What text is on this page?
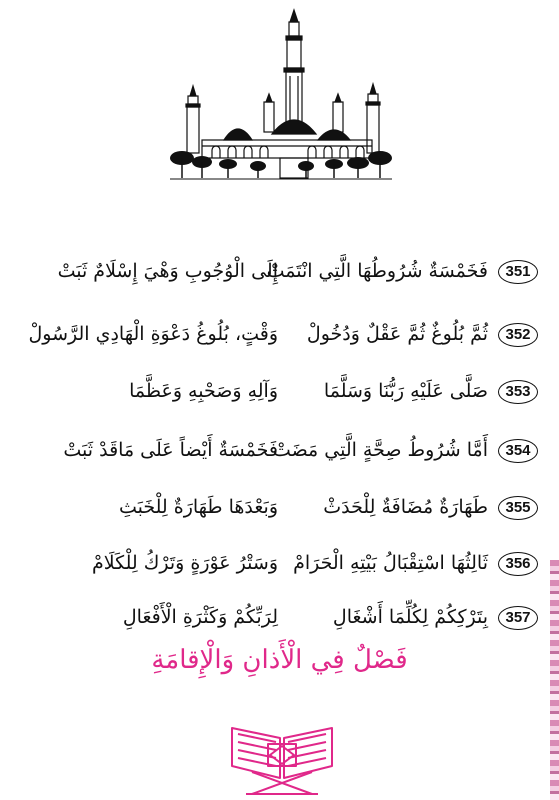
351
فَخَمْسَةٌ شُرُوطُهَا الَّتِي انْتَمَتْ
إِلَى الْوُجُوبِ وَهْيَ إِسْلَامٌ ثَبَتْ
352
ثُمَّ بُلُوغٌ ثُمَّ عَقْلٌ وَدُخُولْ
وَقْتٍ، بُلُوغُ دَعْوَةِ الْهَادِي الرَّسُولْ
353
صَلَّى عَلَيْهِ رَبُّنَا وَسَلَّمَا
وَآلِهِ وَصَحْبِهِ وَعَظَّمَا
354
أَمَّا شُرُوطُ صِحَّةٍ الَّتِي مَضَتْ
فَخَمْسَةٌ أَيْضاً عَلَى مَاقَدْ ثَبَتْ
355
طَهَارَةٌ مُضَافَةٌ لِلْحَدَثْ
وَبَعْدَهَا طَهَارَةٌ لِلْخَبَثِ
356
ثَالِثُهَا اسْتِقْبَالُ بَيْتِهِ الْحَرَامْ
وَسَتْرُ عَوْرَةٍ وَتَرْكُ لِلْكَلَامْ
357
بِتَرْكِكُمْ لِكُلِّمَا أَشْغَالِ
لِرَبِّكُمْ وَكَثْرَةِ الْأَفْعَالِ
فَصْلٌ فِي الْأَذانِ وَالْإِقامَةِ
